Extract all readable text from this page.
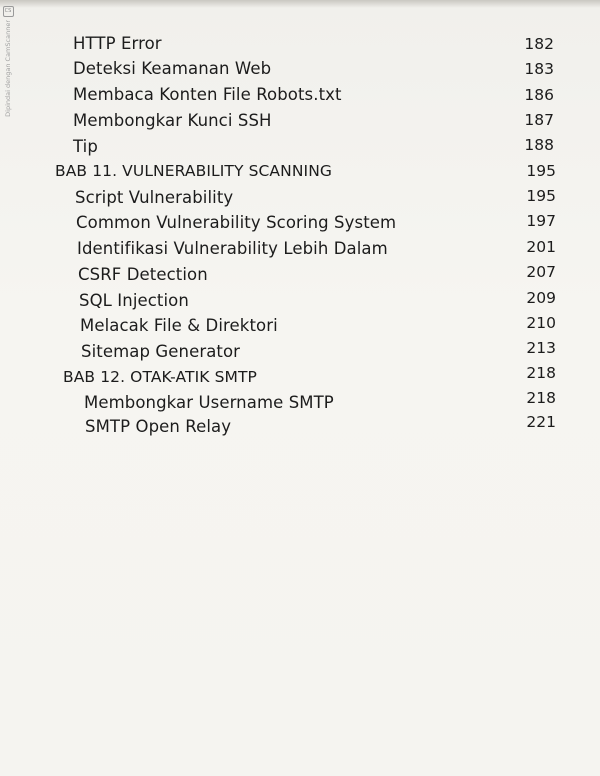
CS
Dipindai dengan CamScanner	HTTP Error	182
Deteksi Keamanan Web	183
Membaca Konten File Robots.txt	186
Membongkar Kunci SSH	187
Tip	188
BAB 11. VULNERABILITY SCANNING	195
Script Vulnerability	195
Common Vulnerability Scoring System	197
Identifikasi Vulnerability Lebih Dalam	201
CSRF Detection	207
SQL Injection	209
Melacak File & Direktori	210
Sitemap Generator	213
BAB 12. OTAK-ATIK SMTP	218
Membongkar Username SMTP	218
SMTP Open Relay	221
